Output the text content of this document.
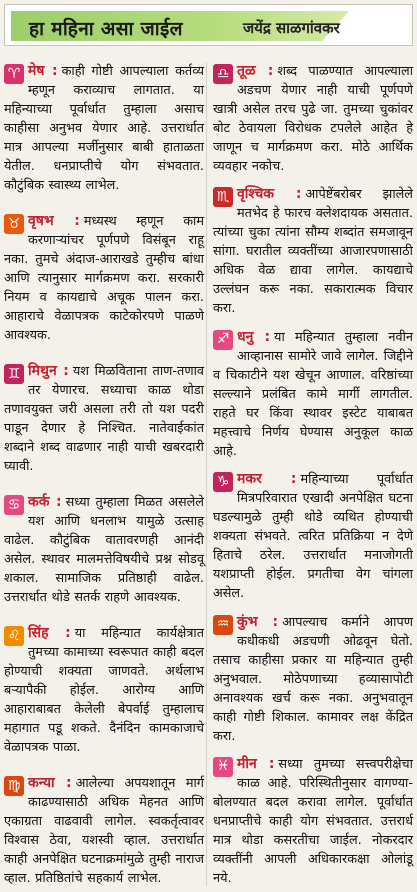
हा महिना असा जाईल	जयेंद्र साळगांवकर

♈ मेष : काही गोष्टी आपल्याला कर्तव्य म्हणून कराव्याच लागतात. या महिन्याच्या पूर्वार्धात तुम्हाला असाच काहीसा अनुभव येणार आहे. उत्तरार्धात मात्र आपल्या मर्जीनुसार बाबी हाताळता येतील. धनप्राप्तीचे योग संभवतात. कौटुंबिक स्वास्थ्य लाभेल.

♉ वृषभ : मध्यस्थ म्हणून काम करणाऱ्यांचर पूर्णपणे विसंबून राहू नका. तुमचे अंदाज-आराखडे तुम्हीच बांधा आणि त्यानुसार मार्गक्रमण करा. सरकारी नियम व कायद्याचे अचूक पालन करा. आहाराचे वेळापत्रक काटेकोरपणे पाळणे आवश्यक.

♊ मिथुन : यश मिळविताना ताण-तणाव तर येणारच. सध्याचा काळ थोडा तणावयुक्त जरी असला तरी तो यश पदरी पाडून देणार हे निश्चित. नातेवाईकांत शब्दाने शब्द वाढणार नाही याची खबरदारी घ्यावी.

♋ कर्क : सध्या तुम्हाला मिळत असलेले यश आणि धनलाभ यामुळे उत्साह वाढेल. कौटुंबिक वातावरणही आनंदी असेल. स्थावर मालमत्तेविषयीचे प्रश्न सोडवू शकाल. सामाजिक प्रतिष्ठाही वाढेल. उत्तरार्धात थोडे सतर्क राहणे आवश्यक.

♌ सिंह : या महिन्यात कार्यक्षेत्रात तुमच्या कामाच्या स्वरूपात काही बदल होण्याची शक्यता जाणवते. अर्थलाभ बऱ्यापैकी होईल. आरोग्य आणि आहाराबाबत केलेली बेपर्वाई तुम्हालाच महागात पडू शकते. दैनंदिन कामकाजाचे वेळापत्रक पाळा.

♍ कन्या : आलेल्या अपयशातून मार्ग काढण्यासाठी अधिक मेहनत आणि एकाग्रता वाढवावी लागेल. स्वकर्तृत्वावर विश्वास ठेवा, यशस्वी व्हाल. उत्तरार्धात काही अनपेक्षित घटनाक्रमांमुळे तुम्ही नाराज व्हाल. प्रतिष्ठितांचे सहकार्य लाभेल.

♎ तूळ : शब्द पाळण्यात आपल्याला अडचण येणार नाही याची पूर्णपणे खात्री असेल तरच पुढे जा. तुमच्या चुकांवर बोट ठेवायला विरोधक टपलेले आहेत हे जाणून च मार्गक्रमण करा. मोठे आर्थिक व्यवहार नकोच.

♏ वृश्चिक : आपेष्टेंबरोबर झालेले मतभेद हे फारच क्लेशदायक असतात. त्यांच्या चुका त्यांना सौम्य शब्दांत समजावून सांगा. घरातील व्यक्तींच्या आजारपणासाठी अधिक वेळ द्यावा लागेल. कायद्याचे उल्लंघन करू नका. सकारात्मक विचार करा.

♐ धनु : या महिन्यात तुम्हाला नवीन आव्हानास सामोरे जावे लागेल. जिद्दीने व चिकाटीने यश खेचून आणाल. वरिष्ठांच्या सल्ल्याने प्रलंबित कामे मार्गी लागतील. राहते घर किंवा स्थावर इस्टेट याबाबत महत्त्वाचे निर्णय घेण्यास अनुकूल काळ आहे.

♑ मकर : महिन्याच्या पूर्वार्धात मित्रपरिवारात एखादी अनपेक्षित घटना घडल्यामुळे तुम्ही थोडे व्यथित होण्याची शक्यता संभवते. त्वरित प्रतिक्रिया न देणे हिताचे ठरेल. उत्तरार्धात मनाजोगती यशप्राप्ती होईल. प्रगतीचा वेग चांगला असेल.

♒ कुंभ : आपल्याच कर्माने आपण कधीकधी अडचणी ओढवून घेतो. तसाच काहीसा प्रकार या महिन्यात तुम्ही अनुभवाल. मोठेपणाच्या हव्यासापोटी अनावश्यक खर्च करू नका. अनुभवातून काही गोष्टी शिकाल. कामावर लक्ष केंद्रित करा.

♓ मीन : सध्या तुमच्या सत्त्वपरीक्षेचा काळ आहे. परिस्थितीनुसार वागण्या-बोलण्यात बदल करावा लागेल. पूर्वार्धात धनप्राप्तीचे काही योग संभवतात. उत्तरार्ध मात्र थोडा कसरतीचा जाईल. नोकरदार व्यक्तींनी आपली अधिकारकक्षा ओलांडू नये.
